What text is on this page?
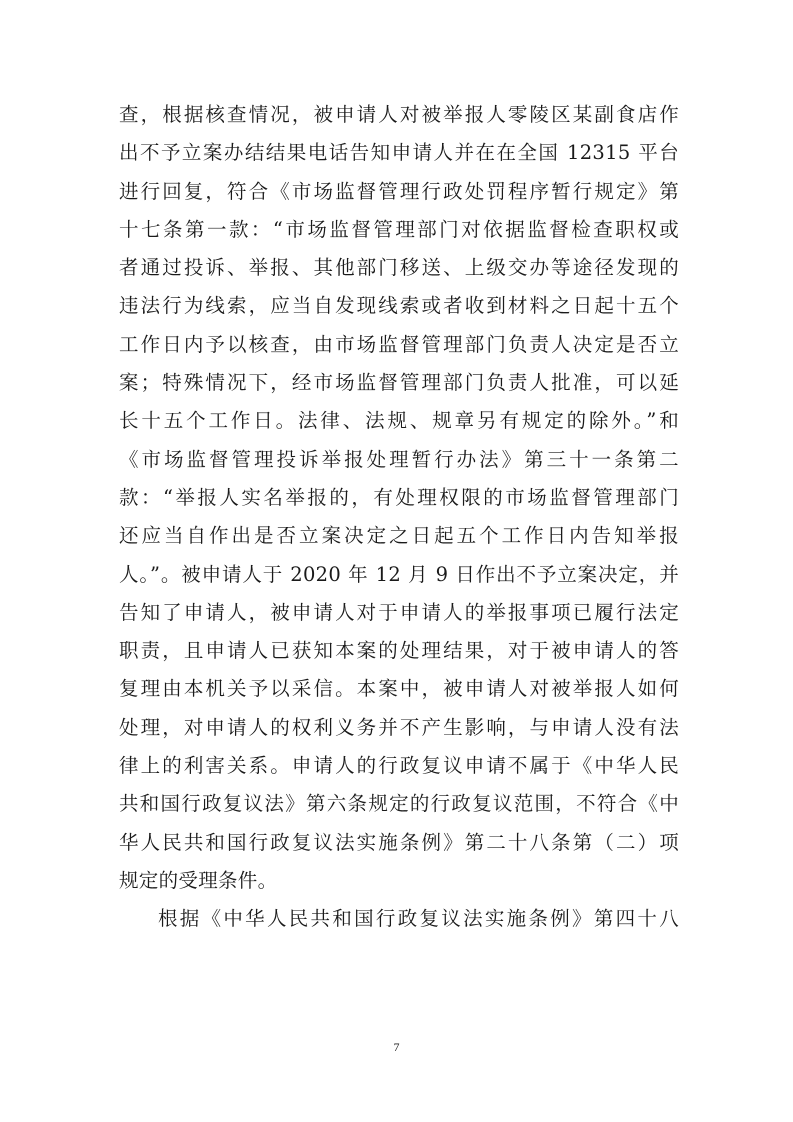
查，根据核查情况，被申请人对被举报人零陵区某副食店作
出不予立案办结结果电话告知申请人并在在全国 12315 平台
进行回复，符合《市场监督管理行政处罚程序暂行规定》第
十七条第一款：“市场监督管理部门对依据监督检查职权或
者通过投诉、举报、其他部门移送、上级交办等途径发现的
违法行为线索，应当自发现线索或者收到材料之日起十五个
工作日内予以核查，由市场监督管理部门负责人决定是否立
案；特殊情况下，经市场监督管理部门负责人批准，可以延
长十五个工作日。法律、法规、规章另有规定的除外。”和
《市场监督管理投诉举报处理暂行办法》第三十一条第二
款：“举报人实名举报的，有处理权限的市场监督管理部门
还应当自作出是否立案决定之日起五个工作日内告知举报
人。”。被申请人于 2020 年 12 月 9 日作出不予立案决定，并
告知了申请人，被申请人对于申请人的举报事项已履行法定
职责，且申请人已获知本案的处理结果，对于被申请人的答
复理由本机关予以采信。本案中，被申请人对被举报人如何
处理，对申请人的权利义务并不产生影响，与申请人没有法
律上的利害关系。申请人的行政复议申请不属于《中华人民
共和国行政复议法》第六条规定的行政复议范围，不符合《中
华人民共和国行政复议法实施条例》第二十八条第（二）项
规定的受理条件。
根据《中华人民共和国行政复议法实施条例》第四十八
7
